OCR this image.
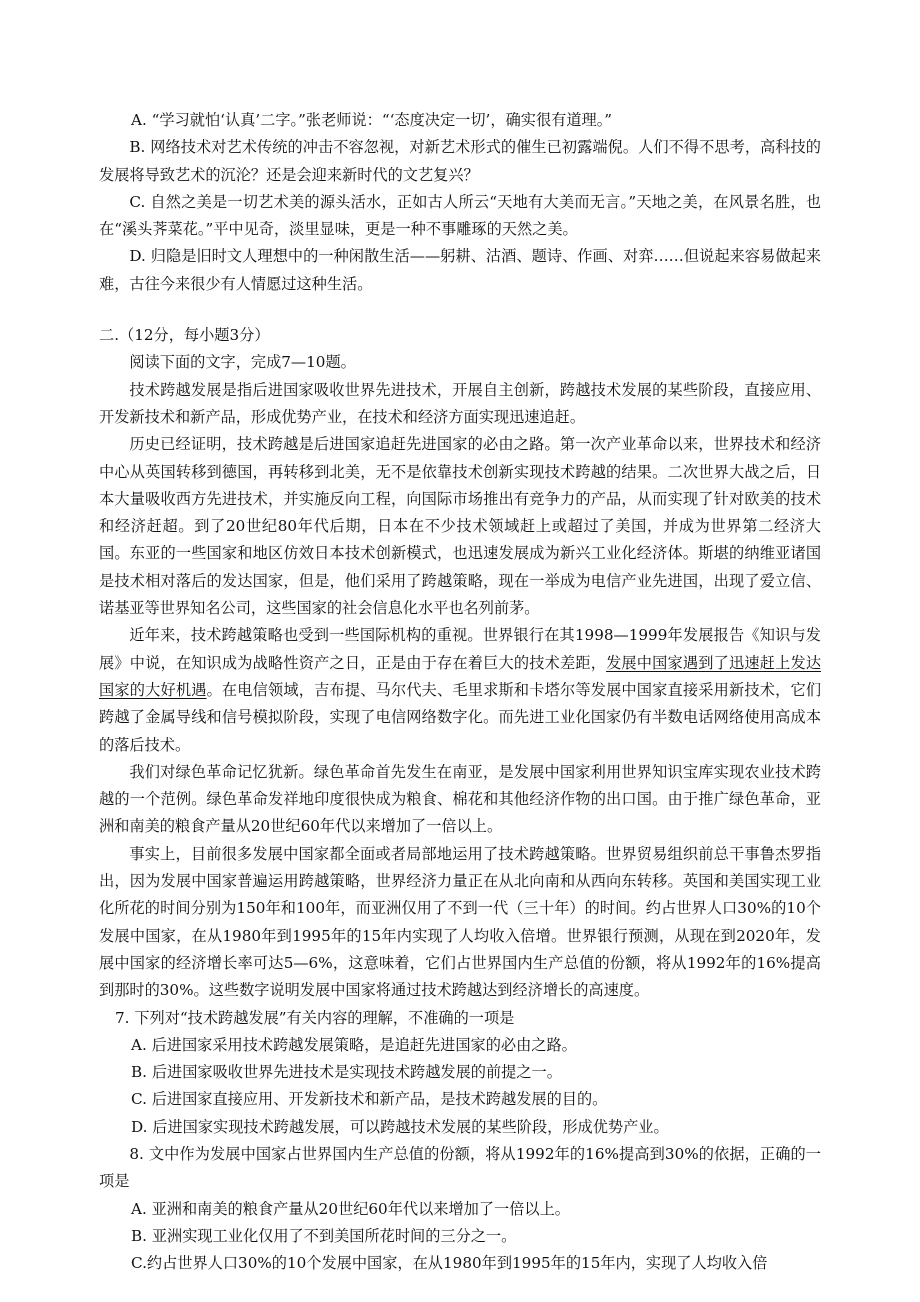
A. “学习就怕‘认真’二字。”张老师说：“‘态度决定一切’，确实很有道理。”

B. 网络技术对艺术传统的冲击不容忽视，对新艺术形式的催生已初露端倪。人们不得不思考，高科技的发展将导致艺术的沉沦？还是会迎来新时代的文艺复兴？

C. 自然之美是一切艺术美的源头活水，正如古人所云“天地有大美而无言。”天地之美，在风景名胜，也在“溪头荠菜花。”平中见奇，淡里显味，更是一种不事雕琢的天然之美。

D. 归隐是旧时文人理想中的一种闲散生活——躬耕、沽酒、题诗、作画、对弈……但说起来容易做起来难，古往今来很少有人情愿过这种生活。

二.（12分，每小题3分）

阅读下面的文字，完成7—10题。

技术跨越发展是指后进国家吸收世界先进技术，开展自主创新，跨越技术发展的某些阶段，直接应用、开发新技术和新产品，形成优势产业，在技术和经济方面实现迅速追赶。

历史已经证明，技术跨越是后进国家追赶先进国家的必由之路。第一次产业革命以来，世界技术和经济中心从英国转移到德国，再转移到北美，无不是依靠技术创新实现技术跨越的结果。二次世界大战之后，日本大量吸收西方先进技术，并实施反向工程，向国际市场推出有竞争力的产品，从而实现了针对欧美的技术和经济赶超。到了20世纪80年代后期，日本在不少技术领域赶上或超过了美国，并成为世界第二经济大国。东亚的一些国家和地区仿效日本技术创新模式，也迅速发展成为新兴工业化经济体。斯堪的纳维亚诸国是技术相对落后的发达国家，但是，他们采用了跨越策略，现在一举成为电信产业先进国，出现了爱立信、诺基亚等世界知名公司，这些国家的社会信息化水平也名列前茅。

近年来，技术跨越策略也受到一些国际机构的重视。世界银行在其1998—1999年发展报告《知识与发展》中说，在知识成为战略性资产之日，正是由于存在着巨大的技术差距，发展中国家遇到了迅速赶上发达国家的大好机遇。在电信领域，吉布提、马尔代夫、毛里求斯和卡塔尔等发展中国家直接采用新技术，它们跨越了金属导线和信号模拟阶段，实现了电信网络数字化。而先进工业化国家仍有半数电话网络使用高成本的落后技术。

我们对绿色革命记忆犹新。绿色革命首先发生在南亚，是发展中国家利用世界知识宝库实现农业技术跨越的一个范例。绿色革命发祥地印度很快成为粮食、棉花和其他经济作物的出口国。由于推广绿色革命，亚洲和南美的粮食产量从20世纪60年代以来增加了一倍以上。

事实上，目前很多发展中国家都全面或者局部地运用了技术跨越策略。世界贸易组织前总干事鲁杰罗指出，因为发展中国家普遍运用跨越策略，世界经济力量正在从北向南和从西向东转移。英国和美国实现工业化所花的时间分别为150年和100年，而亚洲仅用了不到一代（三十年）的时间。约占世界人口30%的10个发展中国家，在从1980年到1995年的15年内实现了人均收入倍增。世界银行预测，从现在到2020年，发展中国家的经济增长率可达5—6%，这意味着，它们占世界国内生产总值的份额，将从1992年的16%提高到那时的30%。这些数字说明发展中国家将通过技术跨越达到经济增长的高速度。

7. 下列对“技术跨越发展”有关内容的理解，不准确的一项是

A. 后进国家采用技术跨越发展策略，是追赶先进国家的必由之路。

B. 后进国家吸收世界先进技术是实现技术跨越发展的前提之一。

C. 后进国家直接应用、开发新技术和新产品，是技术跨越发展的目的。

D. 后进国家实现技术跨越发展，可以跨越技术发展的某些阶段，形成优势产业。

8. 文中作为发展中国家占世界国内生产总值的份额，将从1992年的16%提高到30%的依据，正确的一项是

A. 亚洲和南美的粮食产量从20世纪60年代以来增加了一倍以上。

B. 亚洲实现工业化仅用了不到美国所花时间的三分之一。

C.约占世界人口30%的10个发展中国家，在从1980年到1995年的15年内，实现了人均收入倍
